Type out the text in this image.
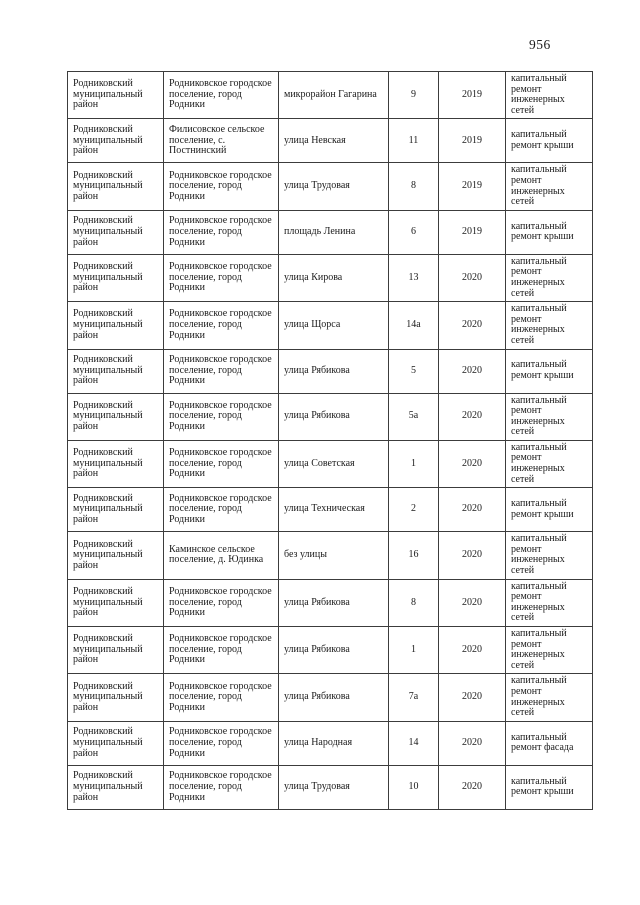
956
Родниковский муниципальный район	Родниковское городское поселение, город Родники	микрорайон Гагарина	9	2019	капитальный ремонт инженерных сетей
Родниковский муниципальный район	Филисовское сельское поселение, с. Постнинский	улица Невская	11	2019	капитальный ремонт крыши
Родниковский муниципальный район	Родниковское городское поселение, город Родники	улица Трудовая	8	2019	капитальный ремонт инженерных сетей
Родниковский муниципальный район	Родниковское городское поселение, город Родники	площадь Ленина	6	2019	капитальный ремонт крыши
Родниковский муниципальный район	Родниковское городское поселение, город Родники	улица Кирова	13	2020	капитальный ремонт инженерных сетей
Родниковский муниципальный район	Родниковское городское поселение, город Родники	улица Щорса	14а	2020	капитальный ремонт инженерных сетей
Родниковский муниципальный район	Родниковское городское поселение, город Родники	улица Рябикова	5	2020	капитальный ремонт крыши
Родниковский муниципальный район	Родниковское городское поселение, город Родники	улица Рябикова	5а	2020	капитальный ремонт инженерных сетей
Родниковский муниципальный район	Родниковское городское поселение, город Родники	улица Советская	1	2020	капитальный ремонт инженерных сетей
Родниковский муниципальный район	Родниковское городское поселение, город Родники	улица Техническая	2	2020	капитальный ремонт крыши
Родниковский муниципальный район	Каминское сельское поселение, д. Юдинка	без улицы	16	2020	капитальный ремонт инженерных сетей
Родниковский муниципальный район	Родниковское городское поселение, город Родники	улица Рябикова	8	2020	капитальный ремонт инженерных сетей
Родниковский муниципальный район	Родниковское городское поселение, город Родники	улица Рябикова	1	2020	капитальный ремонт инженерных сетей
Родниковский муниципальный район	Родниковское городское поселение, город Родники	улица Рябикова	7а	2020	капитальный ремонт инженерных сетей
Родниковский муниципальный район	Родниковское городское поселение, город Родники	улица Народная	14	2020	капитальный ремонт фасада
Родниковский муниципальный район	Родниковское городское поселение, город Родники	улица Трудовая	10	2020	капитальный ремонт крыши
